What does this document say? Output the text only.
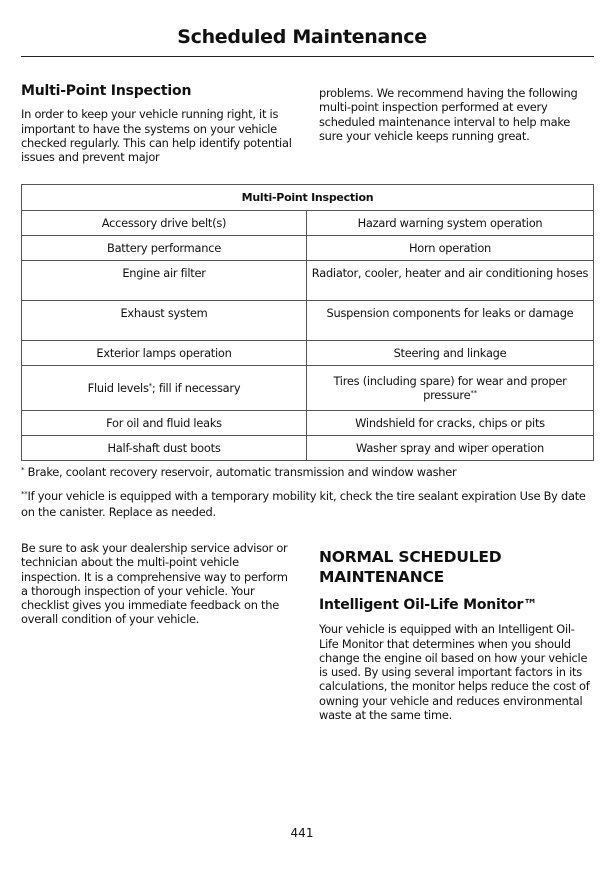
Scheduled Maintenance
Multi-Point Inspection

In order to keep your vehicle running right, it is important to have the systems on your vehicle checked regularly. This can help identify potential issues and prevent major

problems. We recommend having the following multi-point inspection performed at every scheduled maintenance interval to help make sure your vehicle keeps running great.

Multi-Point Inspection	
Accessory drive belt(s)	Hazard warning system operation
Battery performance	Horn operation
Engine air filter	Radiator, cooler, heater and air conditioning hoses
Exhaust system	Suspension components for leaks or damage
Exterior lamps operation	Steering and linkage
Fluid levels*; fill if necessary	Tires (including spare) for wear and proper pressure**
For oil and fluid leaks	Windshield for cracks, chips or pits
Half-shaft dust boots	Washer spray and wiper operation
* Brake, coolant recovery reservoir, automatic transmission and window washer
**If your vehicle is equipped with a temporary mobility kit, check the tire sealant expiration Use By date on the canister. Replace as needed.

Be sure to ask your dealership service advisor or technician about the multi-point vehicle inspection. It is a comprehensive way to perform a thorough inspection of your vehicle. Your checklist gives you immediate feedback on the overall condition of your vehicle.

NORMAL SCHEDULED MAINTENANCE
Intelligent Oil-Life Monitor™

Your vehicle is equipped with an Intelligent Oil-Life Monitor that determines when you should change the engine oil based on how your vehicle is used. By using several important factors in its calculations, the monitor helps reduce the cost of owning your vehicle and reduces environmental waste at the same time.

441
